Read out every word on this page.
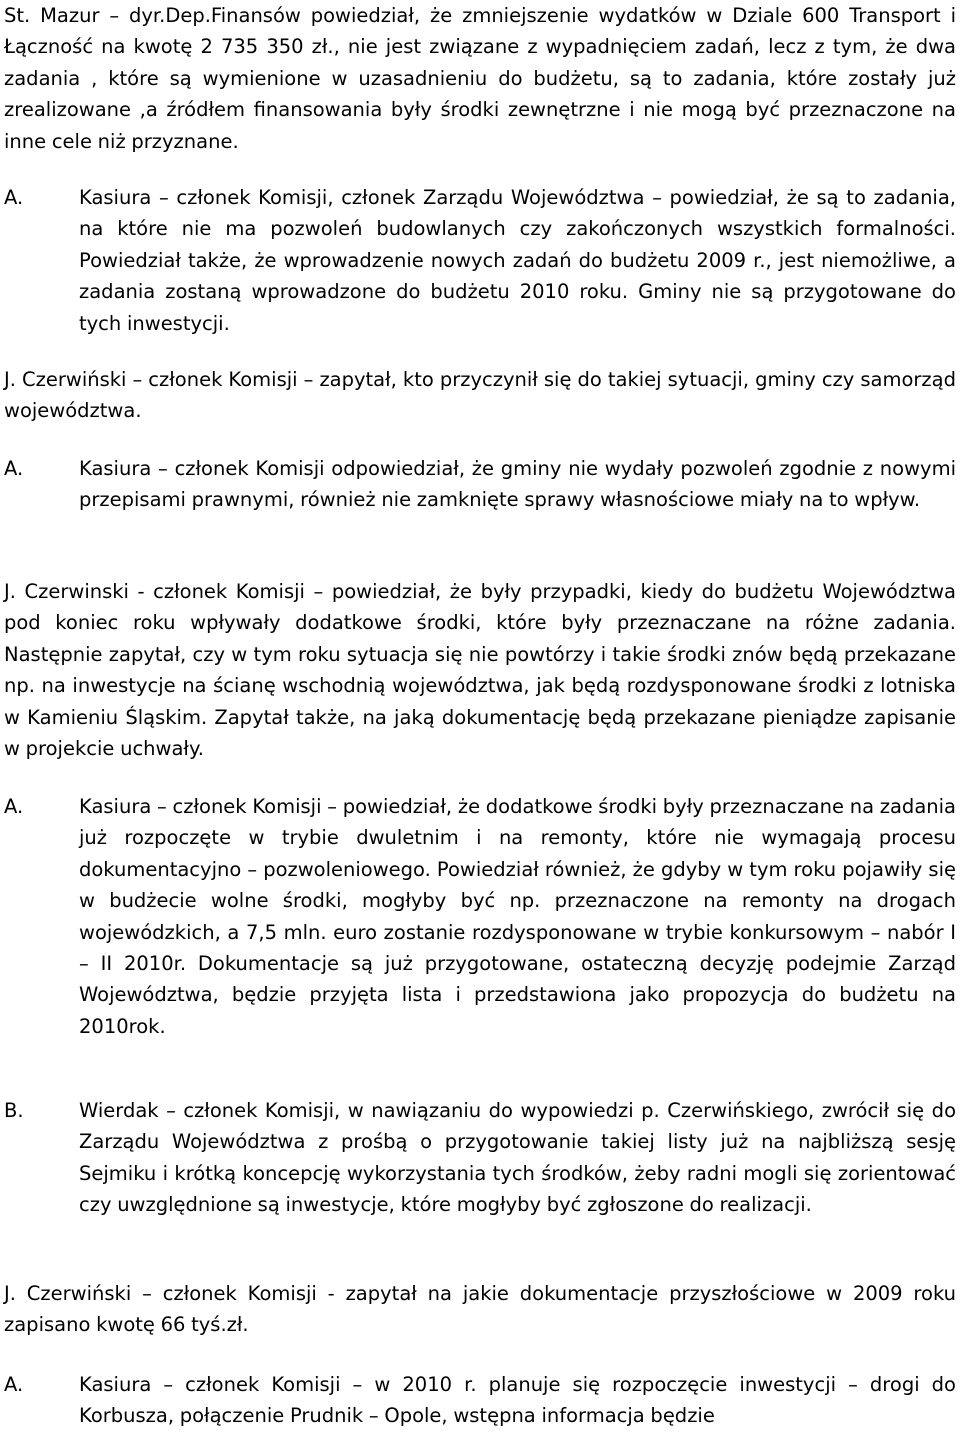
St. Mazur – dyr.Dep.Finansów powiedział, że zmniejszenie wydatków w Dziale 600 Transport i Łączność na kwotę 2 735 350 zł., nie jest związane z wypadnięciem zadań, lecz z tym, że dwa zadania , które są wymienione w uzasadnieniu do budżetu, są to zadania, które zostały już zrealizowane ,a źródłem finansowania były środki zewnętrzne i nie mogą być przeznaczone na inne cele niż przyznane.

A.	Kasiura – członek Komisji, członek Zarządu Województwa – powiedział, że są to zadania, na które nie ma pozwoleń budowlanych czy zakończonych wszystkich formalności. Powiedział także, że wprowadzenie nowych zadań do budżetu 2009 r., jest niemożliwe, a zadania zostaną wprowadzone do budżetu 2010 roku. Gminy nie są przygotowane do tych inwestycji.

J. Czerwiński – członek Komisji – zapytał, kto przyczynił się do takiej sytuacji, gminy czy samorząd województwa.

A.	Kasiura – członek Komisji odpowiedział, że gminy nie wydały pozwoleń zgodnie z nowymi przepisami prawnymi, również nie zamknięte sprawy własnościowe miały na to wpływ.

J. Czerwinski - członek Komisji – powiedział, że były przypadki, kiedy do budżetu Województwa pod koniec roku wpływały dodatkowe środki, które były przeznaczane na różne zadania. Następnie zapytał, czy w tym roku sytuacja się nie powtórzy i takie środki znów będą przekazane np. na inwestycje na ścianę wschodnią województwa, jak będą rozdysponowane środki z lotniska w Kamieniu Śląskim. Zapytał także, na jaką dokumentację będą przekazane pieniądze zapisanie w projekcie uchwały.

A.	Kasiura – członek Komisji – powiedział, że dodatkowe środki były przeznaczane na zadania już rozpoczęte w trybie dwuletnim i na remonty, które nie wymagają procesu dokumentacyjno – pozwoleniowego. Powiedział również, że gdyby w tym roku pojawiły się w budżecie wolne środki, mogłyby być np. przeznaczone na remonty na drogach wojewódzkich, a 7,5 mln. euro zostanie rozdysponowane w trybie konkursowym – nabór I – II 2010r. Dokumentacje są już przygotowane, ostateczną decyzję podejmie Zarząd Województwa, będzie przyjęta lista i przedstawiona jako propozycja do budżetu na 2010rok.
B.	Wierdak – członek Komisji, w nawiązaniu do wypowiedzi p. Czerwińskiego, zwrócił się do Zarządu Województwa z prośbą o przygotowanie takiej listy już na najbliższą sesję Sejmiku i krótką koncepcję wykorzystania tych środków, żeby radni mogli się zorientować czy uwzględnione są inwestycje, które mogłyby być zgłoszone do realizacji.

J. Czerwiński – członek Komisji - zapytał na jakie dokumentacje przyszłościowe w 2009 roku zapisano kwotę 66 tyś.zł.

A.	Kasiura – członek Komisji – w 2010 r. planuje się rozpoczęcie inwestycji – drogi do Korbusza, połączenie Prudnik – Opole, wstępna informacja będzie
